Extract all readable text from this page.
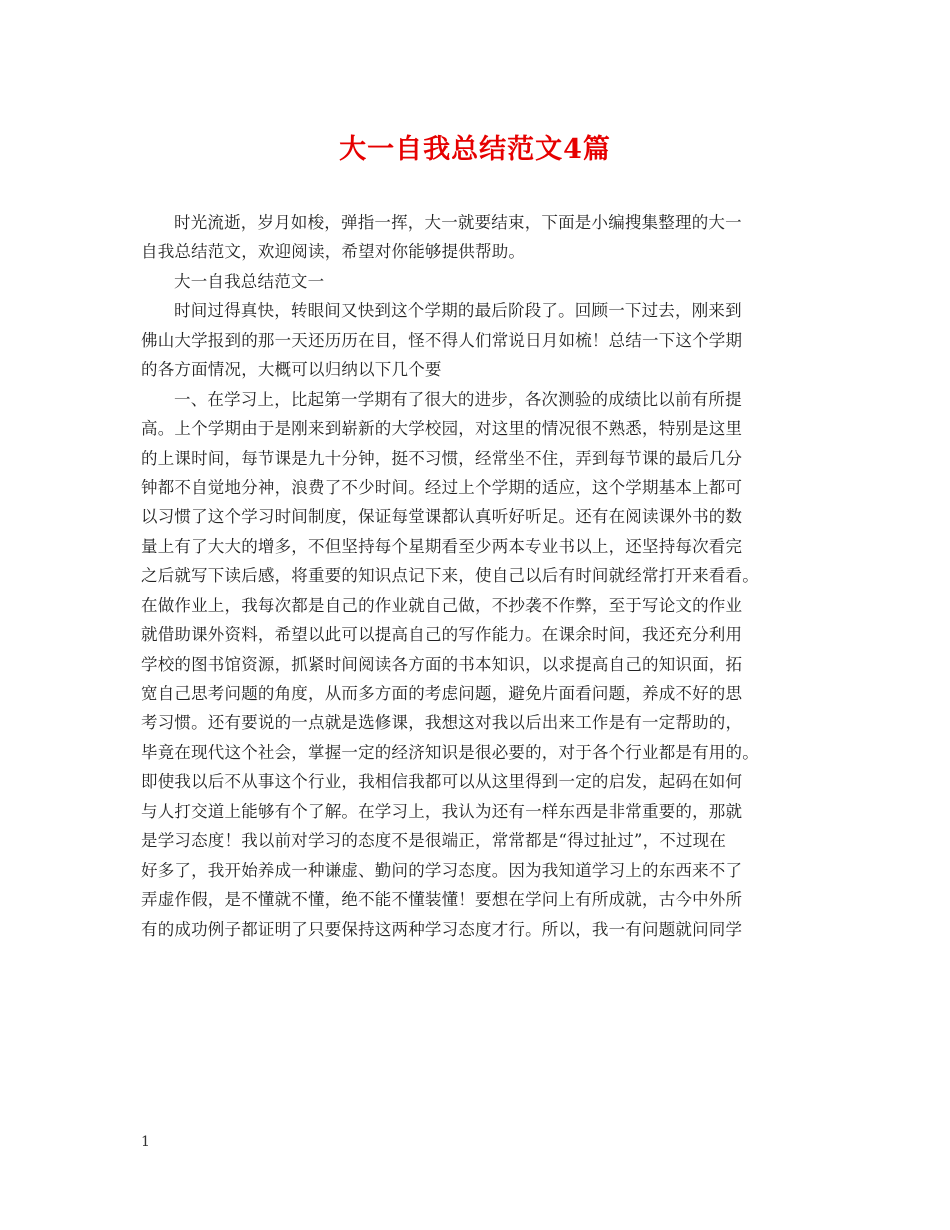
大一自我总结范文4篇
时光流逝，岁月如梭，弹指一挥，大一就要结束，下面是小编搜集整理的大一
自我总结范文，欢迎阅读，希望对你能够提供帮助。
大一自我总结范文一
时间过得真快，转眼间又快到这个学期的最后阶段了。回顾一下过去，刚来到
佛山大学报到的那一天还历历在目，怪不得人们常说日月如梳！总结一下这个学期
的各方面情况，大概可以归纳以下几个要
一、在学习上，比起第一学期有了很大的进步，各次测验的成绩比以前有所提
高。上个学期由于是刚来到崭新的大学校园，对这里的情况很不熟悉，特别是这里
的上课时间，每节课是九十分钟，挺不习惯，经常坐不住，弄到每节课的最后几分
钟都不自觉地分神，浪费了不少时间。经过上个学期的适应，这个学期基本上都可
以习惯了这个学习时间制度，保证每堂课都认真听好听足。还有在阅读课外书的数
量上有了大大的增多，不但坚持每个星期看至少两本专业书以上，还坚持每次看完
之后就写下读后感，将重要的知识点记下来，使自己以后有时间就经常打开来看看。
在做作业上，我每次都是自己的作业就自己做，不抄袭不作弊，至于写论文的作业
就借助课外资料，希望以此可以提高自己的写作能力。在课余时间，我还充分利用
学校的图书馆资源，抓紧时间阅读各方面的书本知识，以求提高自己的知识面，拓
宽自己思考问题的角度，从而多方面的考虑问题，避免片面看问题，养成不好的思
考习惯。还有要说的一点就是选修课，我想这对我以后出来工作是有一定帮助的，
毕竟在现代这个社会，掌握一定的经济知识是很必要的，对于各个行业都是有用的。
即使我以后不从事这个行业，我相信我都可以从这里得到一定的启发，起码在如何
与人打交道上能够有个了解。在学习上，我认为还有一样东西是非常重要的，那就
是学习态度！我以前对学习的态度不是很端正，常常都是“得过扯过”，不过现在
好多了，我开始养成一种谦虚、勤问的学习态度。因为我知道学习上的东西来不了
弄虚作假，是不懂就不懂，绝不能不懂装懂！要想在学问上有所成就，古今中外所
有的成功例子都证明了只要保持这两种学习态度才行。所以，我一有问题就问同学
1
